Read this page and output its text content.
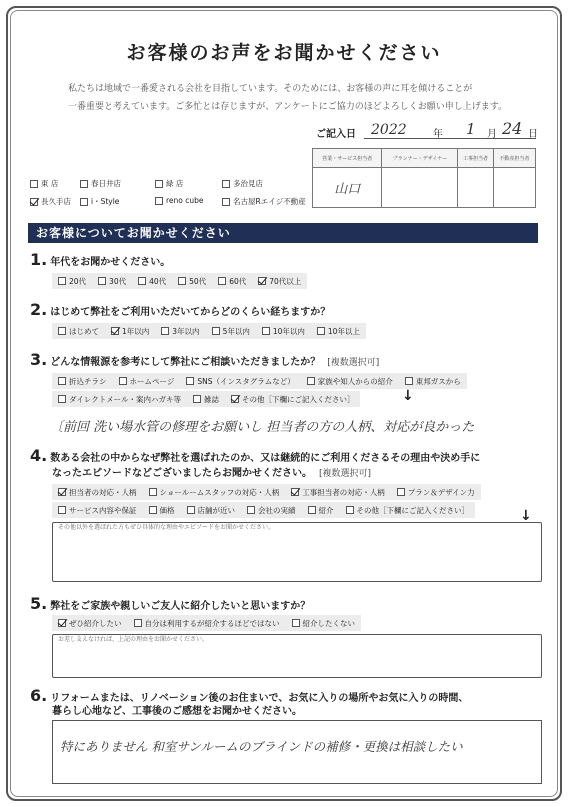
お客様のお声をお聞かせください
私たちは地域で一番愛される会社を目指しています。そのためには、お客様の声に耳を傾けることが
一番重要と考えています。ご多忙とは存じますが、アンケートにご協力のほどよろしくお願い申し上げます。
ご記入日 2022	年 1 月 24 日
営業・サービス担当者	プランナー・デザイナー	工事担当者	不動産担当者
山口			
東 店	春日井店	緑 店	多治見店
長久手店	i・Style	reno cube	名古屋Rエイジ不動産
お客様についてお聞かせください
1. 年代をお聞かせください。
20代	30代	40代	50代	60代	70代以上
2. はじめて弊社をご利用いただいてからどのくらい経ちますか？
はじめて	1年以内	3年以内	5年以内	10年以内	10年以上
3. どんな情報源を参考にして弊社にご相談いただきましたか？ [複数選択可]
折込チラシ	ホームページ	SNS（インスタグラムなど）	家族や知人からの紹介	東邦ガスから
ダイレクトメール・案内ハガキ等	雑誌	その他［下欄にご記入ください］	↓
〔前回 洗い場水管の修理をお願いし 担当者の方の人柄、対応が良かった
4. 数ある会社の中からなぜ弊社を選ばれたのか、又は継続的にご利用くださるその理由や決め手に
なったエピソードなどございましたらお聞かせください。 [複数選択可]
担当者の対応・人柄	ショールームスタッフの対応・人柄	工事担当者の対応・人柄	プラン＆デザイン力
サービス内容や保証	価格	店舗が近い	会社の実績	紹介	その他［下欄にご記入ください］	↓
その他以外を選ばれた方もぜひ具体的な理由やエピソードをお聞かせください。
5. 弊社をご家族や親しいご友人に紹介したいと思いますか？
ぜひ紹介したい	自分は利用するが紹介するほどではない	紹介したくない
お差し支えなければ、上記の理由をお聞かせください。
6. リフォームまたは、リノベーション後のお住まいで、お気に入りの場所やお気に入りの時間、
暮らし心地など、工事後のご感想をお聞かせください。
特にありません 和室サンルームのブラインドの補修・更換は相談したい
